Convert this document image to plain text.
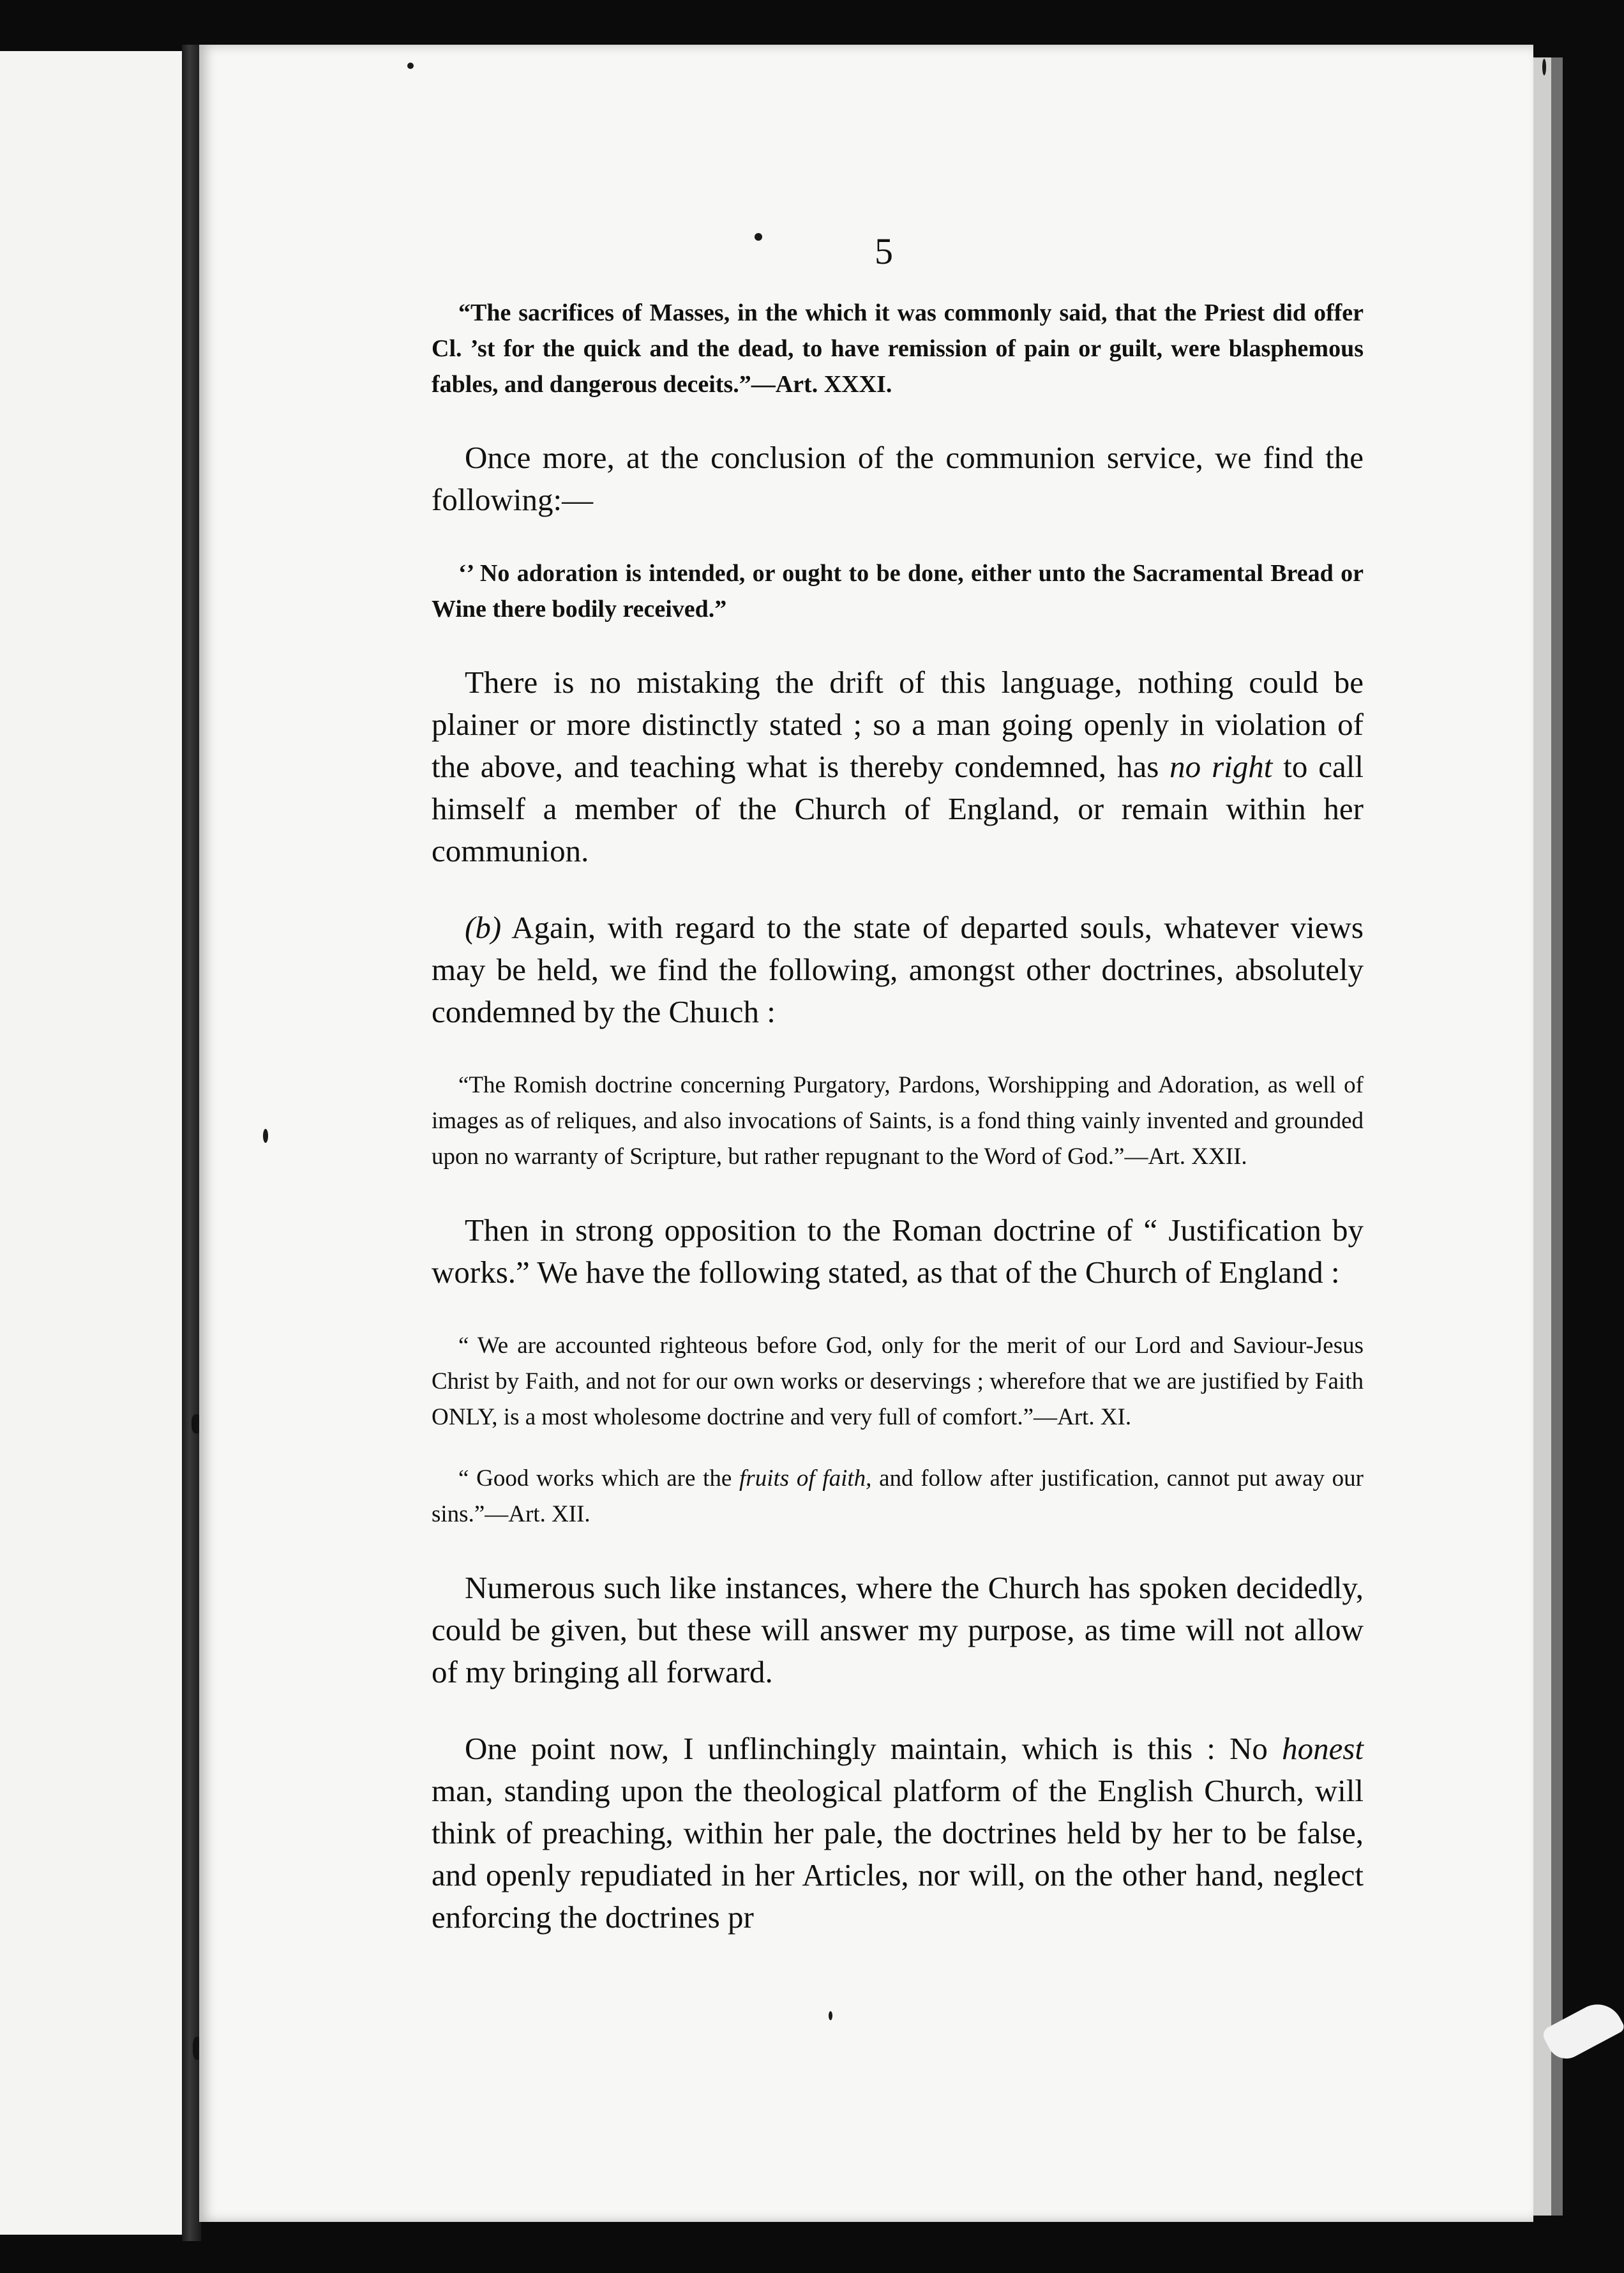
5

“The sacrifices of Masses, in the which it was commonly said, that the Priest did offer Cl. ’st for the quick and the dead, to have remission of pain or guilt, were blasphemous fables, and dangerous deceits.”—Art. XXXI.

Once more, at the conclusion of the communion service, we find the following:—

‘’ No adoration is intended, or ought to be done, either unto the Sacramental Bread or Wine there bodily received.”

There is no mistaking the drift of this language, nothing could be plainer or more distinctly stated ; so a man going openly in violation of the above, and teaching what is thereby condemned, has no right to call himself a member of the Church of England, or remain within her communion.

(b) Again, with regard to the state of departed souls, whatever views may be held, we find the following, amongst other doctrines, absolutely condemned by the Chuıch :

“The Romish doctrine concerning Purgatory, Pardons, Worshipping and Adoration, as well of images as of reliques, and also invocations of Saints, is a fond thing vainly invented and grounded upon no warranty of Scripture, but rather repugnant to the Word of God.”—Art. XXII.

Then in strong opposition to the Roman doctrine of “ Justification by works.” We have the following stated, as that of the Church of England :

“ We are accounted righteous before God, only for the merit of our Lord and Saviour-Jesus Christ by Faith, and not for our own works or deservings ; wherefore that we are justified by Faith ONLY, is a most wholesome doctrine and very full of comfort.”—Art. XI.

“ Good works which are the fruits of faith, and follow after justification, cannot put away our sins.”—Art. XII.

Numerous such like instances, where the Church has spoken decidedly, could be given, but these will answer my purpose, as time will not allow of my bringing all forward.

One point now, I unflinchingly maintain, which is this : No honest man, standing upon the theological platform of the English Church, will think of preaching, within her pale, the doctrines held by her to be false, and openly repudiated in her Articles, nor will, on the other hand, neglect enforcing the doctrines pr
